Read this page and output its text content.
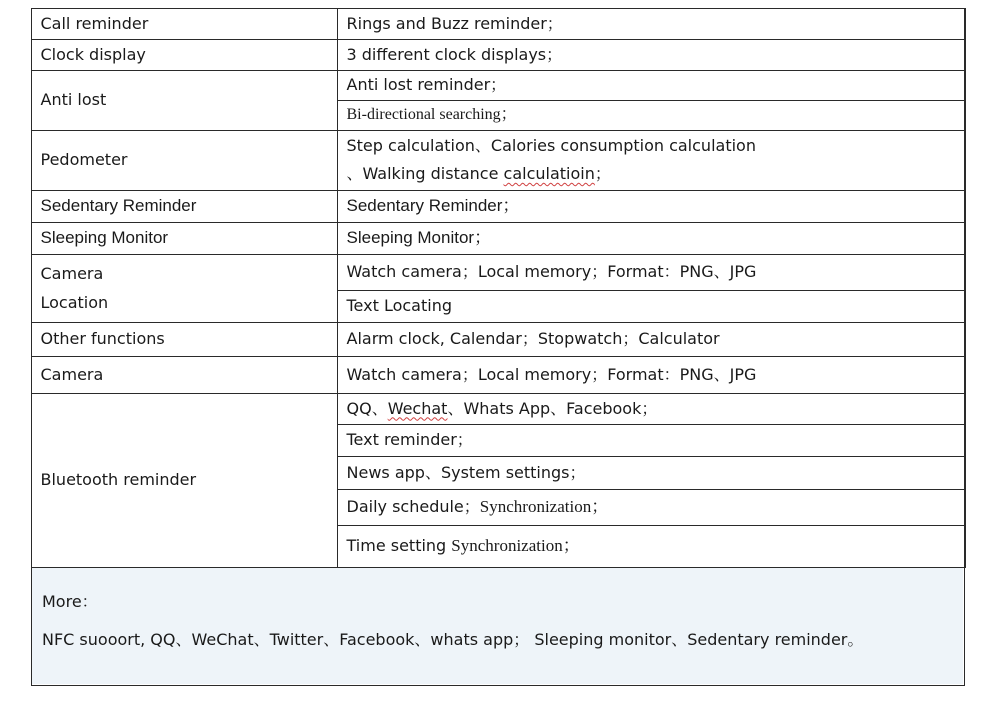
Call reminder	Rings and Buzz reminder；
Clock display	3 different clock displays；
Anti lost	Anti lost reminder；
	Bi-directional searching；
Pedometer	Step calculation、Calories consumption calculation
、Walking distance calculatioin；

Sedentary Reminder	Sedentary Reminder；
Sleeping Monitor	Sleeping Monitor；

Camera
Location	Watch camera；Local memory；Format：PNG、JPG
	Text Locating
Other functions	Alarm clock, Calendar；Stopwatch；Calculator
Camera	Watch camera；Local memory；Format：PNG、JPG
Bluetooth reminder	QQ、Wechat、Whats App、Facebook；
	Text reminder；
	News app、System settings；
	Daily schedule；Synchronization；
	Time setting Synchronization；
More：
NFC suooort, QQ、WeChat、Twitter、Facebook、whats app； Sleeping monitor、Sedentary reminder。
